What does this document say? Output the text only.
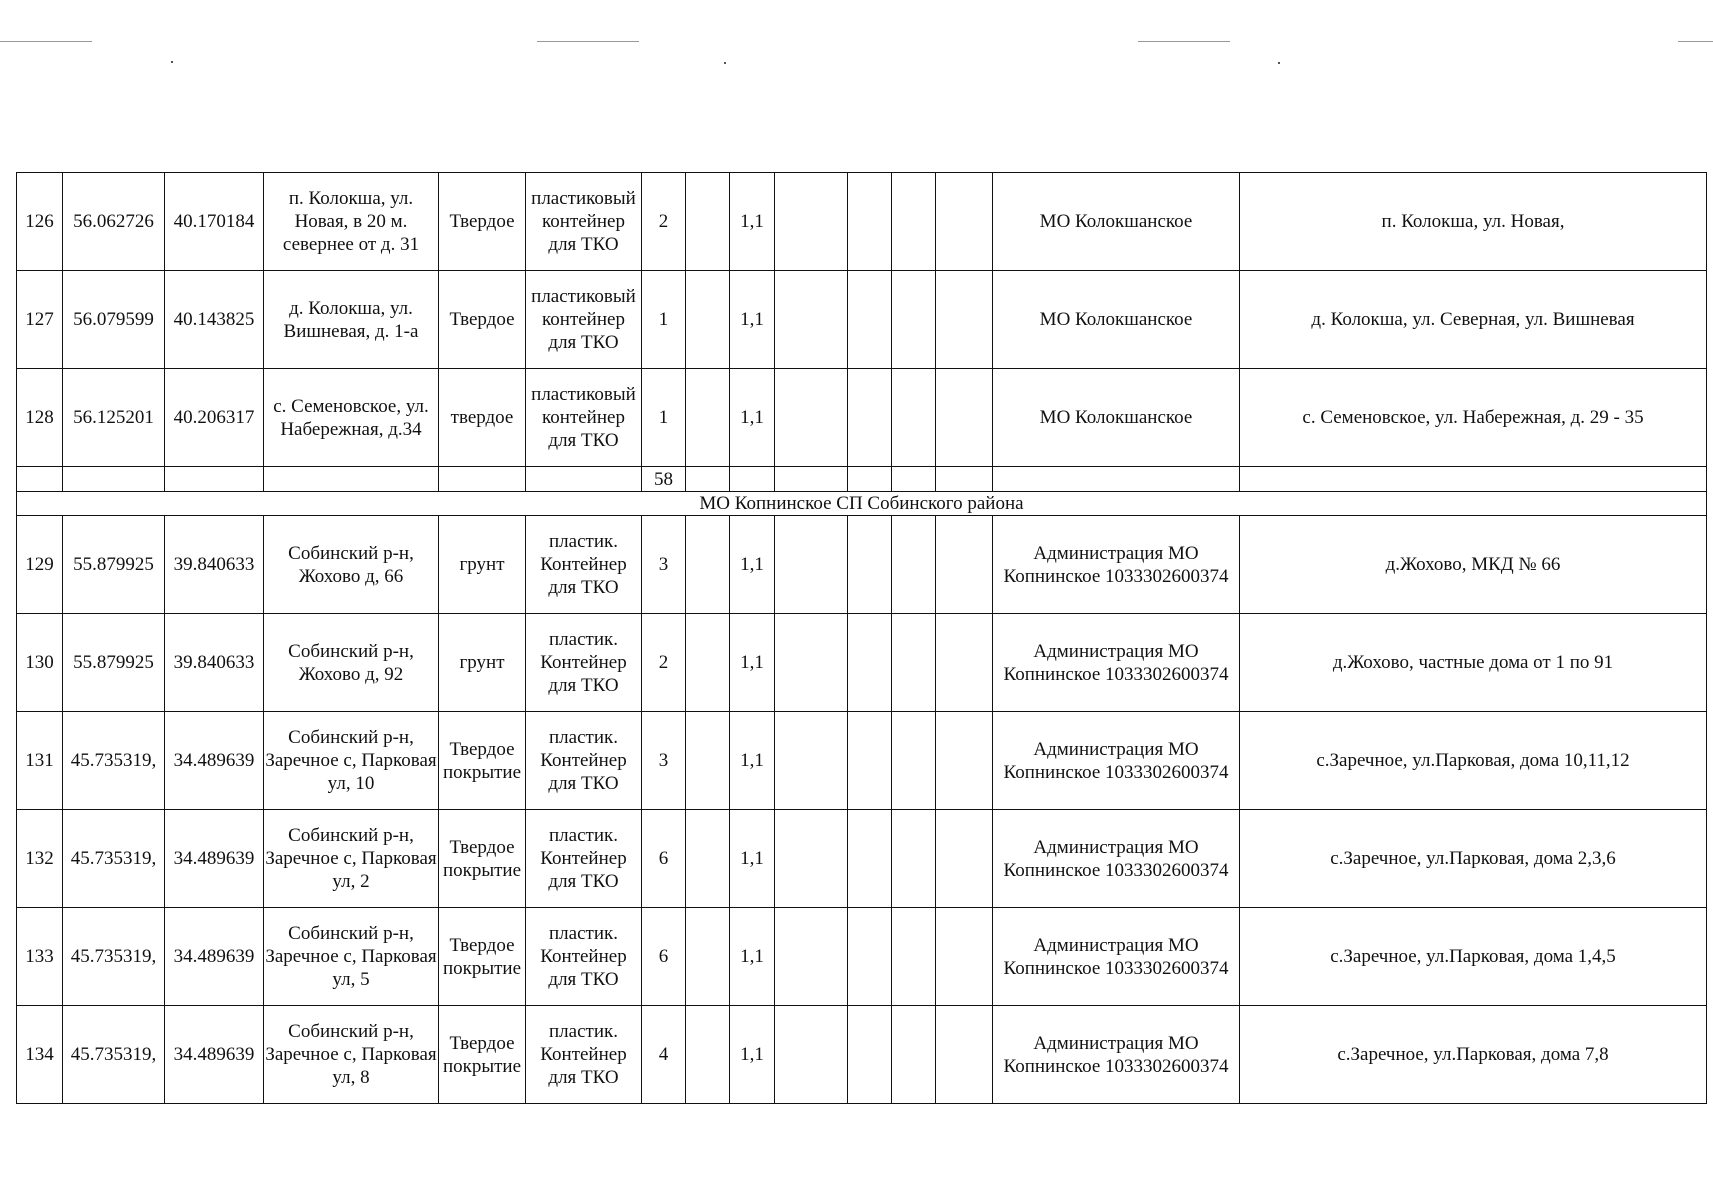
126	56.062726	40.170184	п. Колокша, ул. Новая, в 20 м. севернее от д. 31	Твердое	пластиковый контейнер для ТКО	2		1,1					МО Колокшанское	п. Колокша, ул. Новая,
127	56.079599	40.143825	д. Колокша, ул. Вишневая, д. 1-а	Твердое	пластиковый контейнер для ТКО	1		1,1					МО Колокшанское	д. Колокша, ул. Северная, ул. Вишневая
128	56.125201	40.206317	с. Семеновское, ул. Набережная, д.34	твердое	пластиковый контейнер для ТКО	1		1,1					МО Колокшанское	с. Семеновское, ул. Набережная, д. 29 - 35
						58								
МО Копнинское СП Собинского района														
129	55.879925	39.840633	Собинский р-н, Жохово д, 66	грунт	пластик. Контейнер для ТКО	3		1,1					Администрация МО Копнинское 1033302600374	д.Жохово, МКД № 66
130	55.879925	39.840633	Собинский р-н, Жохово д, 92	грунт	пластик. Контейнер для ТКО	2		1,1					Администрация МО Копнинское 1033302600374	д.Жохово, частные дома от 1 по 91
131	45.735319,	34.489639	Собинский р-н, Заречное с, Парковая ул, 10	Твердое покрытие	пластик. Контейнер для ТКО	3		1,1					Администрация МО Копнинское 1033302600374	с.Заречное, ул.Парковая, дома 10,11,12
132	45.735319,	34.489639	Собинский р-н, Заречное с, Парковая ул, 2	Твердое покрытие	пластик. Контейнер для ТКО	6		1,1					Администрация МО Копнинское 1033302600374	с.Заречное, ул.Парковая, дома 2,3,6
133	45.735319,	34.489639	Собинский р-н, Заречное с, Парковая ул, 5	Твердое покрытие	пластик. Контейнер для ТКО	6		1,1					Администрация МО Копнинское 1033302600374	с.Заречное, ул.Парковая, дома 1,4,5
134	45.735319,	34.489639	Собинский р-н, Заречное с, Парковая ул, 8	Твердое покрытие	пластик. Контейнер для ТКО	4		1,1					Администрация МО Копнинское 1033302600374	с.Заречное, ул.Парковая, дома 7,8
